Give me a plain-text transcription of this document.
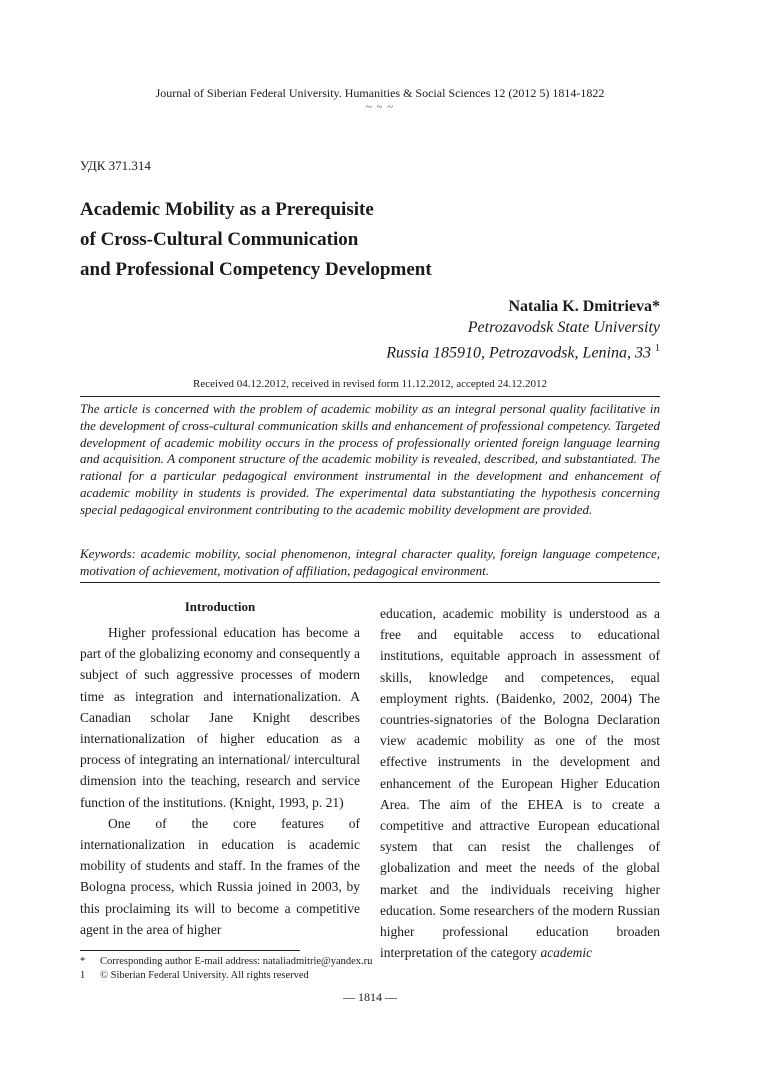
Journal of Siberian Federal University. Humanities & Social Sciences 12 (2012 5) 1814-1822
~ ~ ~
УДК 371.314
Academic Mobility as a Prerequisite
of Cross-Cultural Communication
and Professional Competency Development
Natalia K. Dmitrieva*
Petrozavodsk State University
Russia 185910, Petrozavodsk, Lenina, 33 $^1$
Received 04.12.2012, received in revised form 11.12.2012, accepted 24.12.2012
The article is concerned with the problem of academic mobility as an integral personal quality facilitative in the development of cross-cultural communication skills and enhancement of professional competency. Targeted development of academic mobility occurs in the process of professionally oriented foreign language learning and acquisition. A component structure of the academic mobility is revealed, described, and substantiated. The rational for a particular pedagogical environment instrumental in the development and enhancement of academic mobility in students is provided. The experimental data substantiating the hypothesis concerning special pedagogical environment contributing to the academic mobility development are provided.
Keywords: academic mobility, social phenomenon, integral character quality, foreign language competence, motivation of achievement, motivation of affiliation, pedagogical environment.
Introduction

Higher professional education has become a part of the globalizing economy and consequently a subject of such aggressive processes of modern time as integration and internationalization. A Canadian scholar Jane Knight describes internationalization of higher education as a process of integrating an international/ intercultural dimension into the teaching, research and service function of the institutions. (Knight, 1993, p. 21)

One of the core features of internationalization in education is academic mobility of students and staff. In the frames of the Bologna process, which Russia joined in 2003, by this proclaiming its will to become a competitive agent in the area of higher

education, academic mobility is understood as a free and equitable access to educational institutions, equitable approach in assessment of skills, knowledge and competences, equal employment rights. (Baidenko, 2002, 2004) The countries-signatories of the Bologna Declaration view academic mobility as one of the most effective instruments in the development and enhancement of the European Higher Education Area. The aim of the EHEA is to create a competitive and attractive European educational system that can resist the challenges of globalization and meet the needs of the global market and the individuals receiving higher education. Some researchers of the modern Russian higher professional education broaden interpretation of the category academic

*	Corresponding author E-mail address: nataliadmitrie@yandex.ru
1	© Siberian Federal University. All rights reserved
— 1814 —
